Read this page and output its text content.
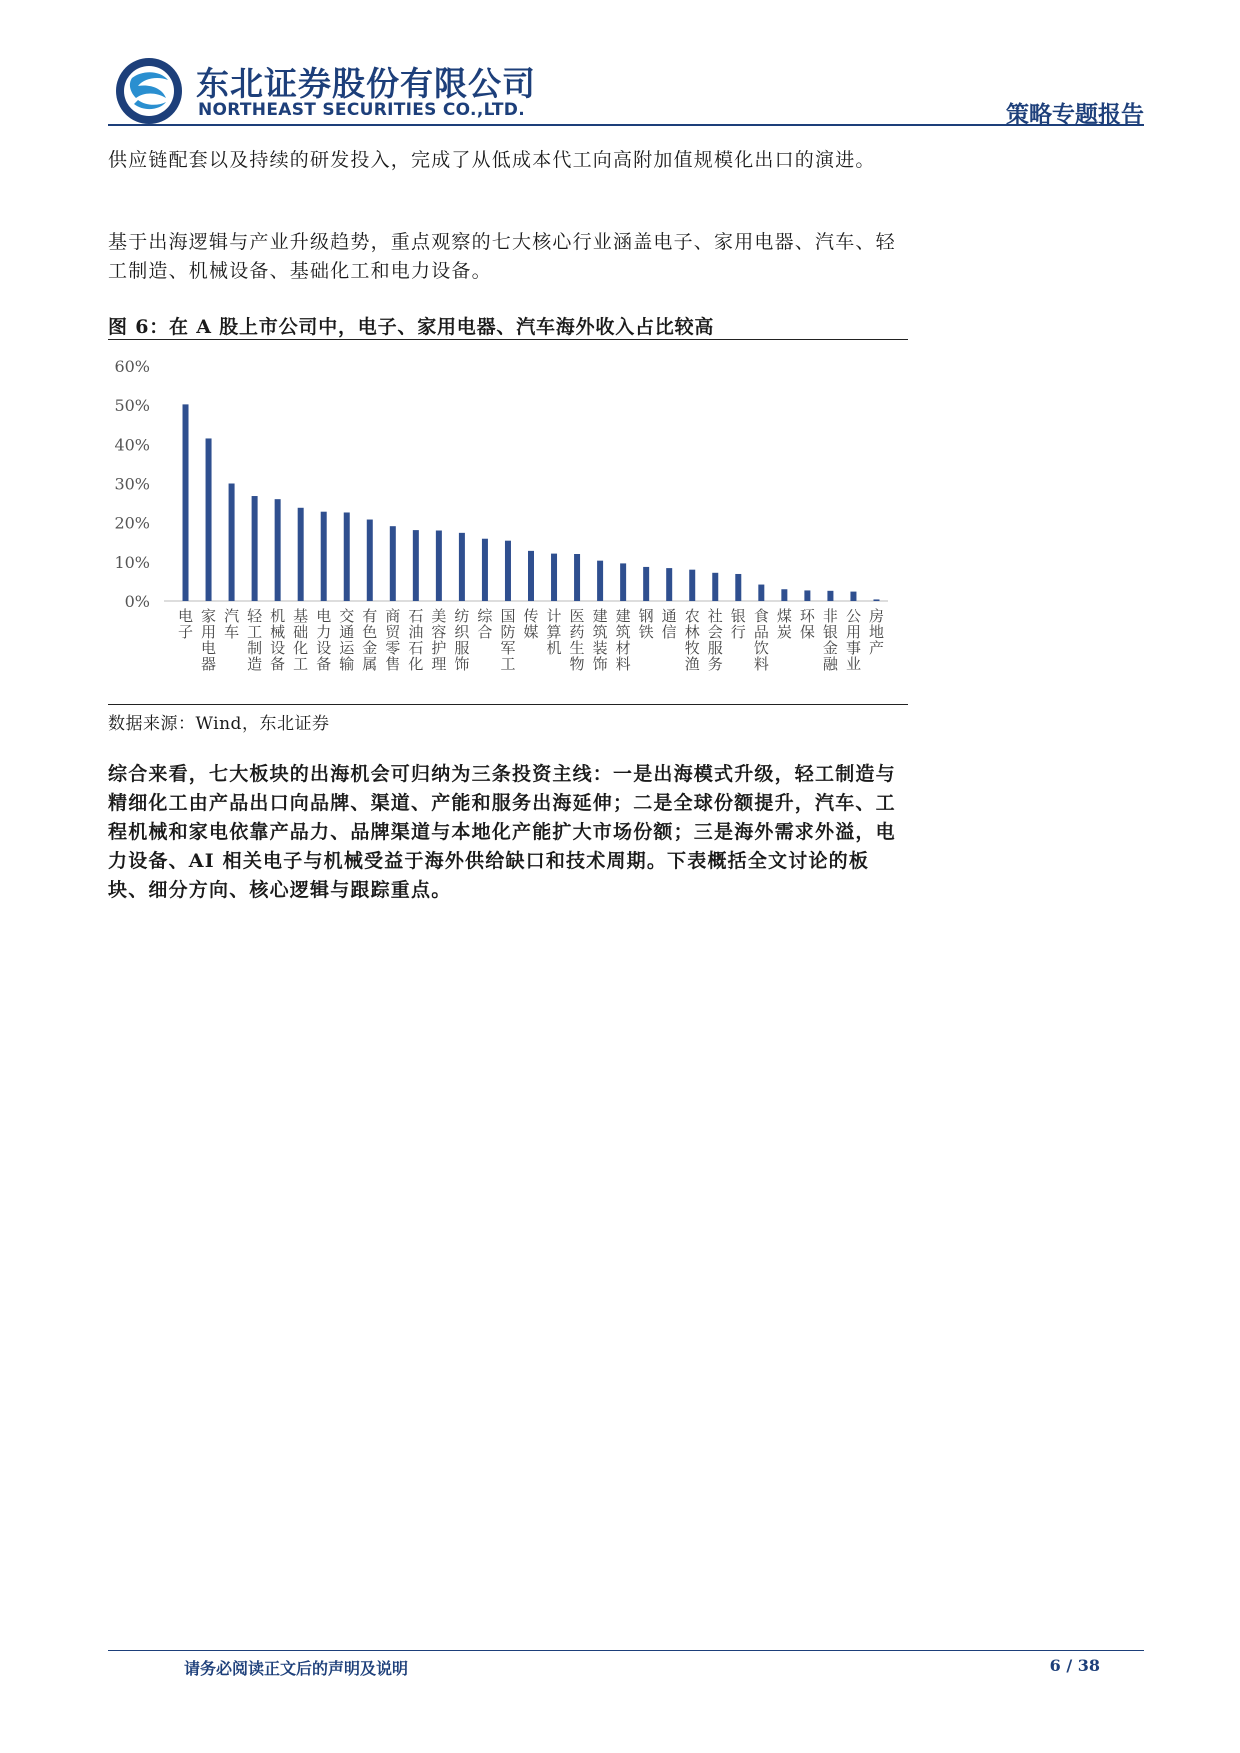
东北证券股份有限公司
NORTHEAST SECURITIES CO.,LTD.	策略专题报告

供应链配套以及持续的研发投入，完成了从低成本代工向高附加值规模化出口的演进。

基于出海逻辑与产业升级趋势，重点观察的七大核心行业涵盖电子、家用电器、汽车、轻工制造、机械设备、基础化工和电力设备。

图 6：在 A 股上市公司中，电子、家用电器、汽车海外收入占比较高
0%
10%
20%
30%
40%
50%
60%
电子
家用电器
汽车
轻工制造
机械设备
基础化工
电力设备
交通运输
有色金属
商贸零售
石油石化
美容护理
纺织服饰
综合
国防军工
传媒
计算机
医药生物
建筑装饰
建筑材料
钢铁
通信
农林牧渔
社会服务
银行
食品饮料
煤炭
环保
非银金融
公用事业
房地产
数据来源：Wind，东北证券

综合来看，七大板块的出海机会可归纳为三条投资主线：一是出海模式升级，轻工制造与精细化工由产品出口向品牌、渠道、产能和服务出海延伸；二是全球份额提升，汽车、工程机械和家电依靠产品力、品牌渠道与本地化产能扩大市场份额；三是海外需求外溢，电力设备、AI 相关电子与机械受益于海外供给缺口和技术周期。下表概括全文讨论的板块、细分方向、核心逻辑与跟踪重点。

请务必阅读正文后的声明及说明	6 / 38
